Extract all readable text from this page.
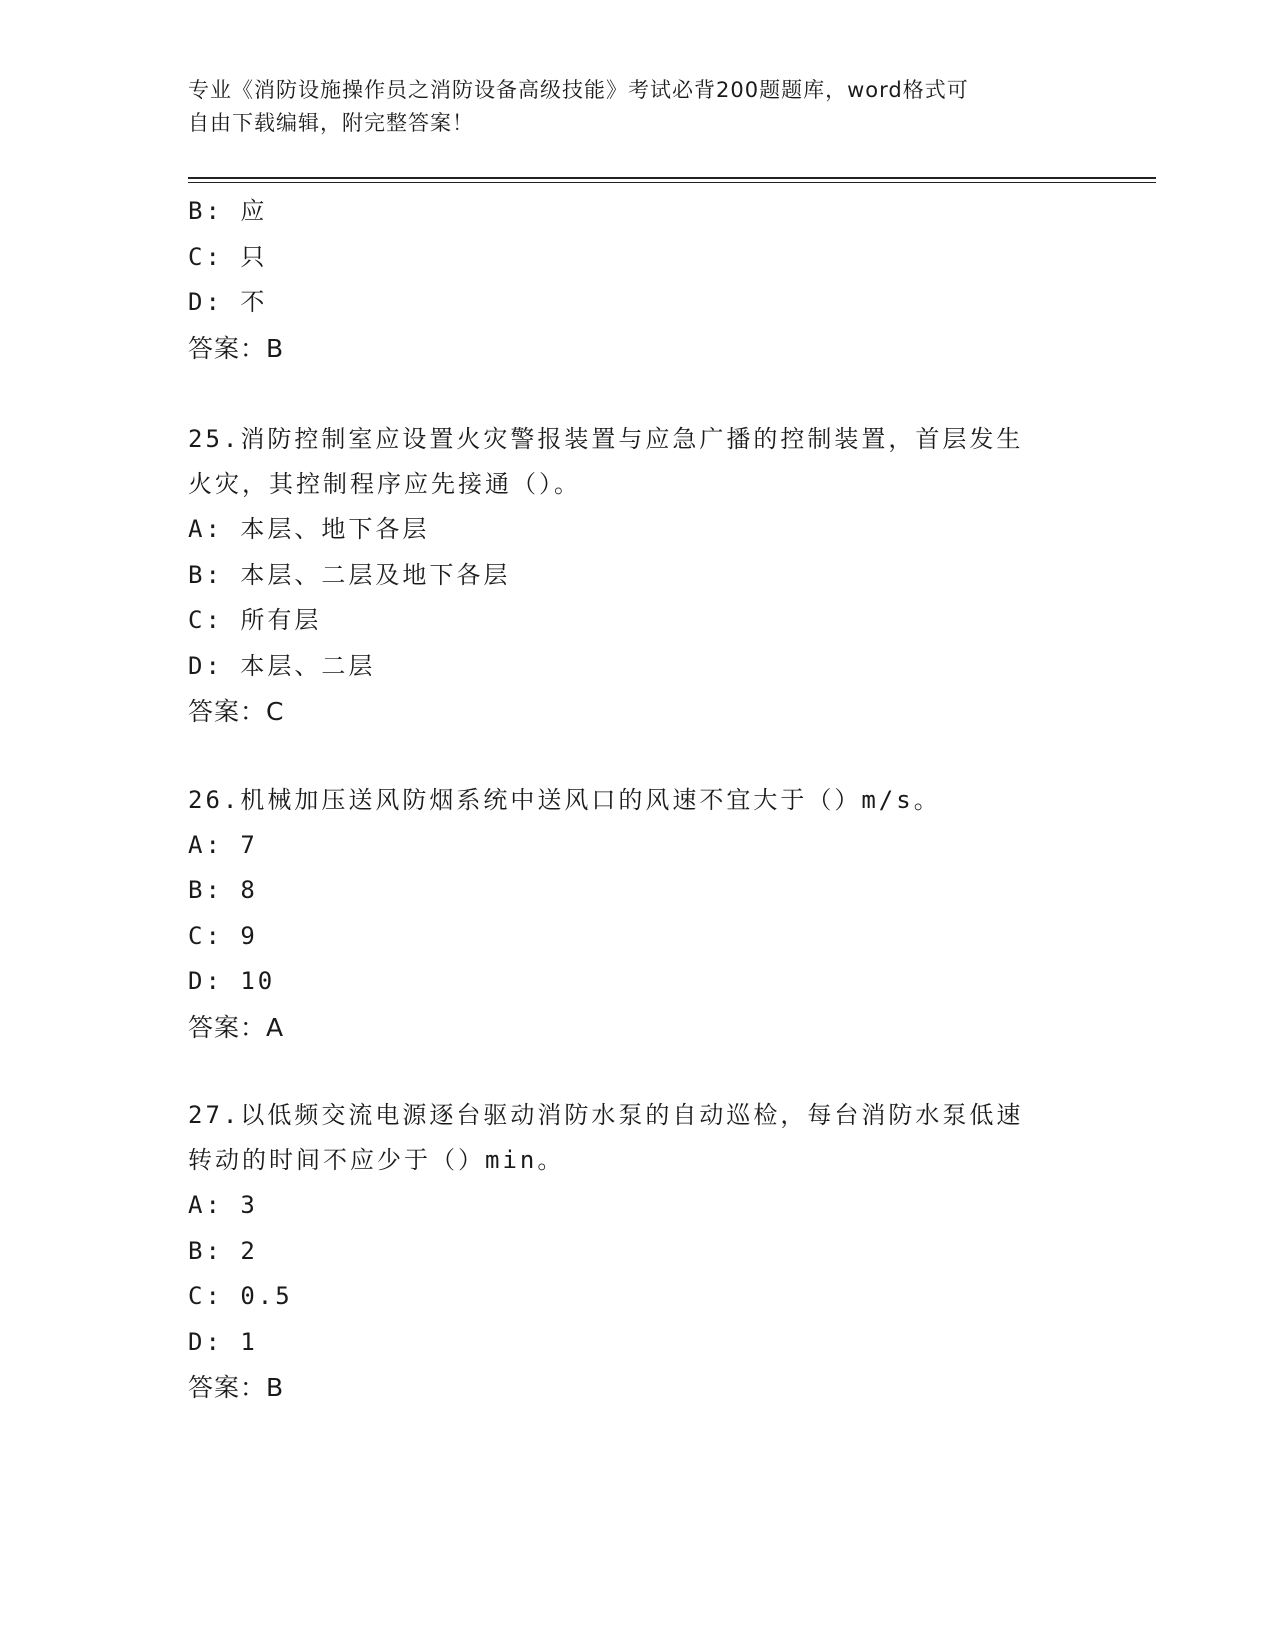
专业《消防设施操作员之消防设备高级技能》考试必背200题题库，word格式可
自由下载编辑，附完整答案！
B: 应
C: 只
D: 不
答案：B
25.消防控制室应设置火灾警报装置与应急广播的控制装置，首层发生
火灾，其控制程序应先接通（）。
A: 本层、地下各层
B: 本层、二层及地下各层
C: 所有层
D: 本层、二层
答案：C
26.机械加压送风防烟系统中送风口的风速不宜大于（）m/s。
A: 7
B: 8
C: 9
D: 10
答案：A
27.以低频交流电源逐台驱动消防水泵的自动巡检，每台消防水泵低速
转动的时间不应少于（）min。
A: 3
B: 2
C: 0.5
D: 1
答案：B
